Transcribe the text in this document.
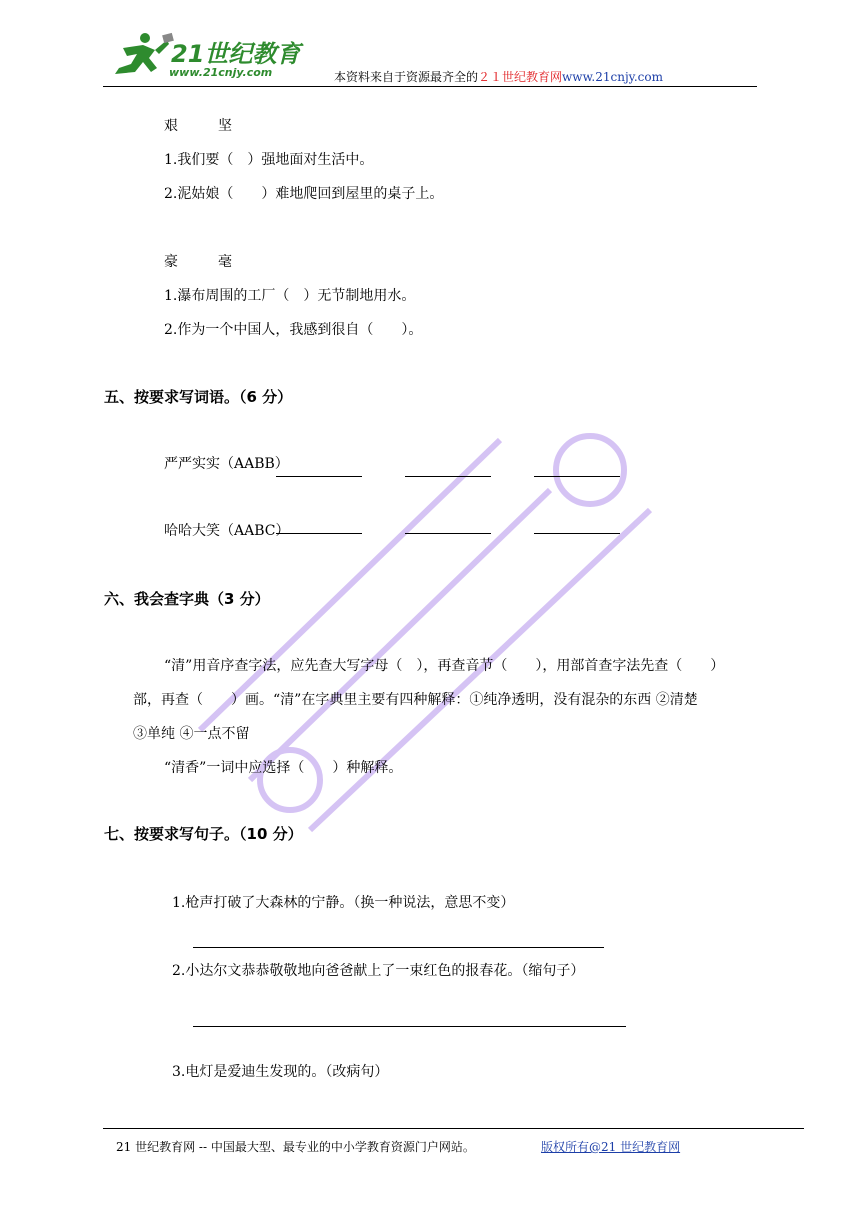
21世纪教育
www.21cnjy.com	本资料来自于资源最齐全的２１世纪教育网www.21cnjy.com
艰	坚
1.我们要（　）强地面对生活中。
2.泥姑娘（　　）难地爬回到屋里的桌子上。
豪	毫
1.瀑布周围的工厂（　）无节制地用水。
2.作为一个中国人，我感到很自（　　）。
五、按要求写词语。（6 分）
严严实实（AABB）
哈哈大笑（AABC）
六、我会查字典（3 分）
“清”用音序查字法，应先查大写字母（　），再查音节（　　），用部首查字法先查（　　）
部，再查（　　）画。“清”在字典里主要有四种解释：①纯净透明，没有混杂的东西 ②清楚
③单纯 ④一点不留
“清香”一词中应选择（　　）种解释。
七、按要求写句子。（10 分）
1.枪声打破了大森林的宁静。（换一种说法，意思不变）
2.小达尔文恭恭敬敬地向爸爸献上了一束红色的报春花。（缩句子）
3.电灯是爱迪生发现的。（改病句）
21 世纪教育网 -- 中国最大型、最专业的中小学教育资源门户网站。	版权所有@21 世纪教育网
